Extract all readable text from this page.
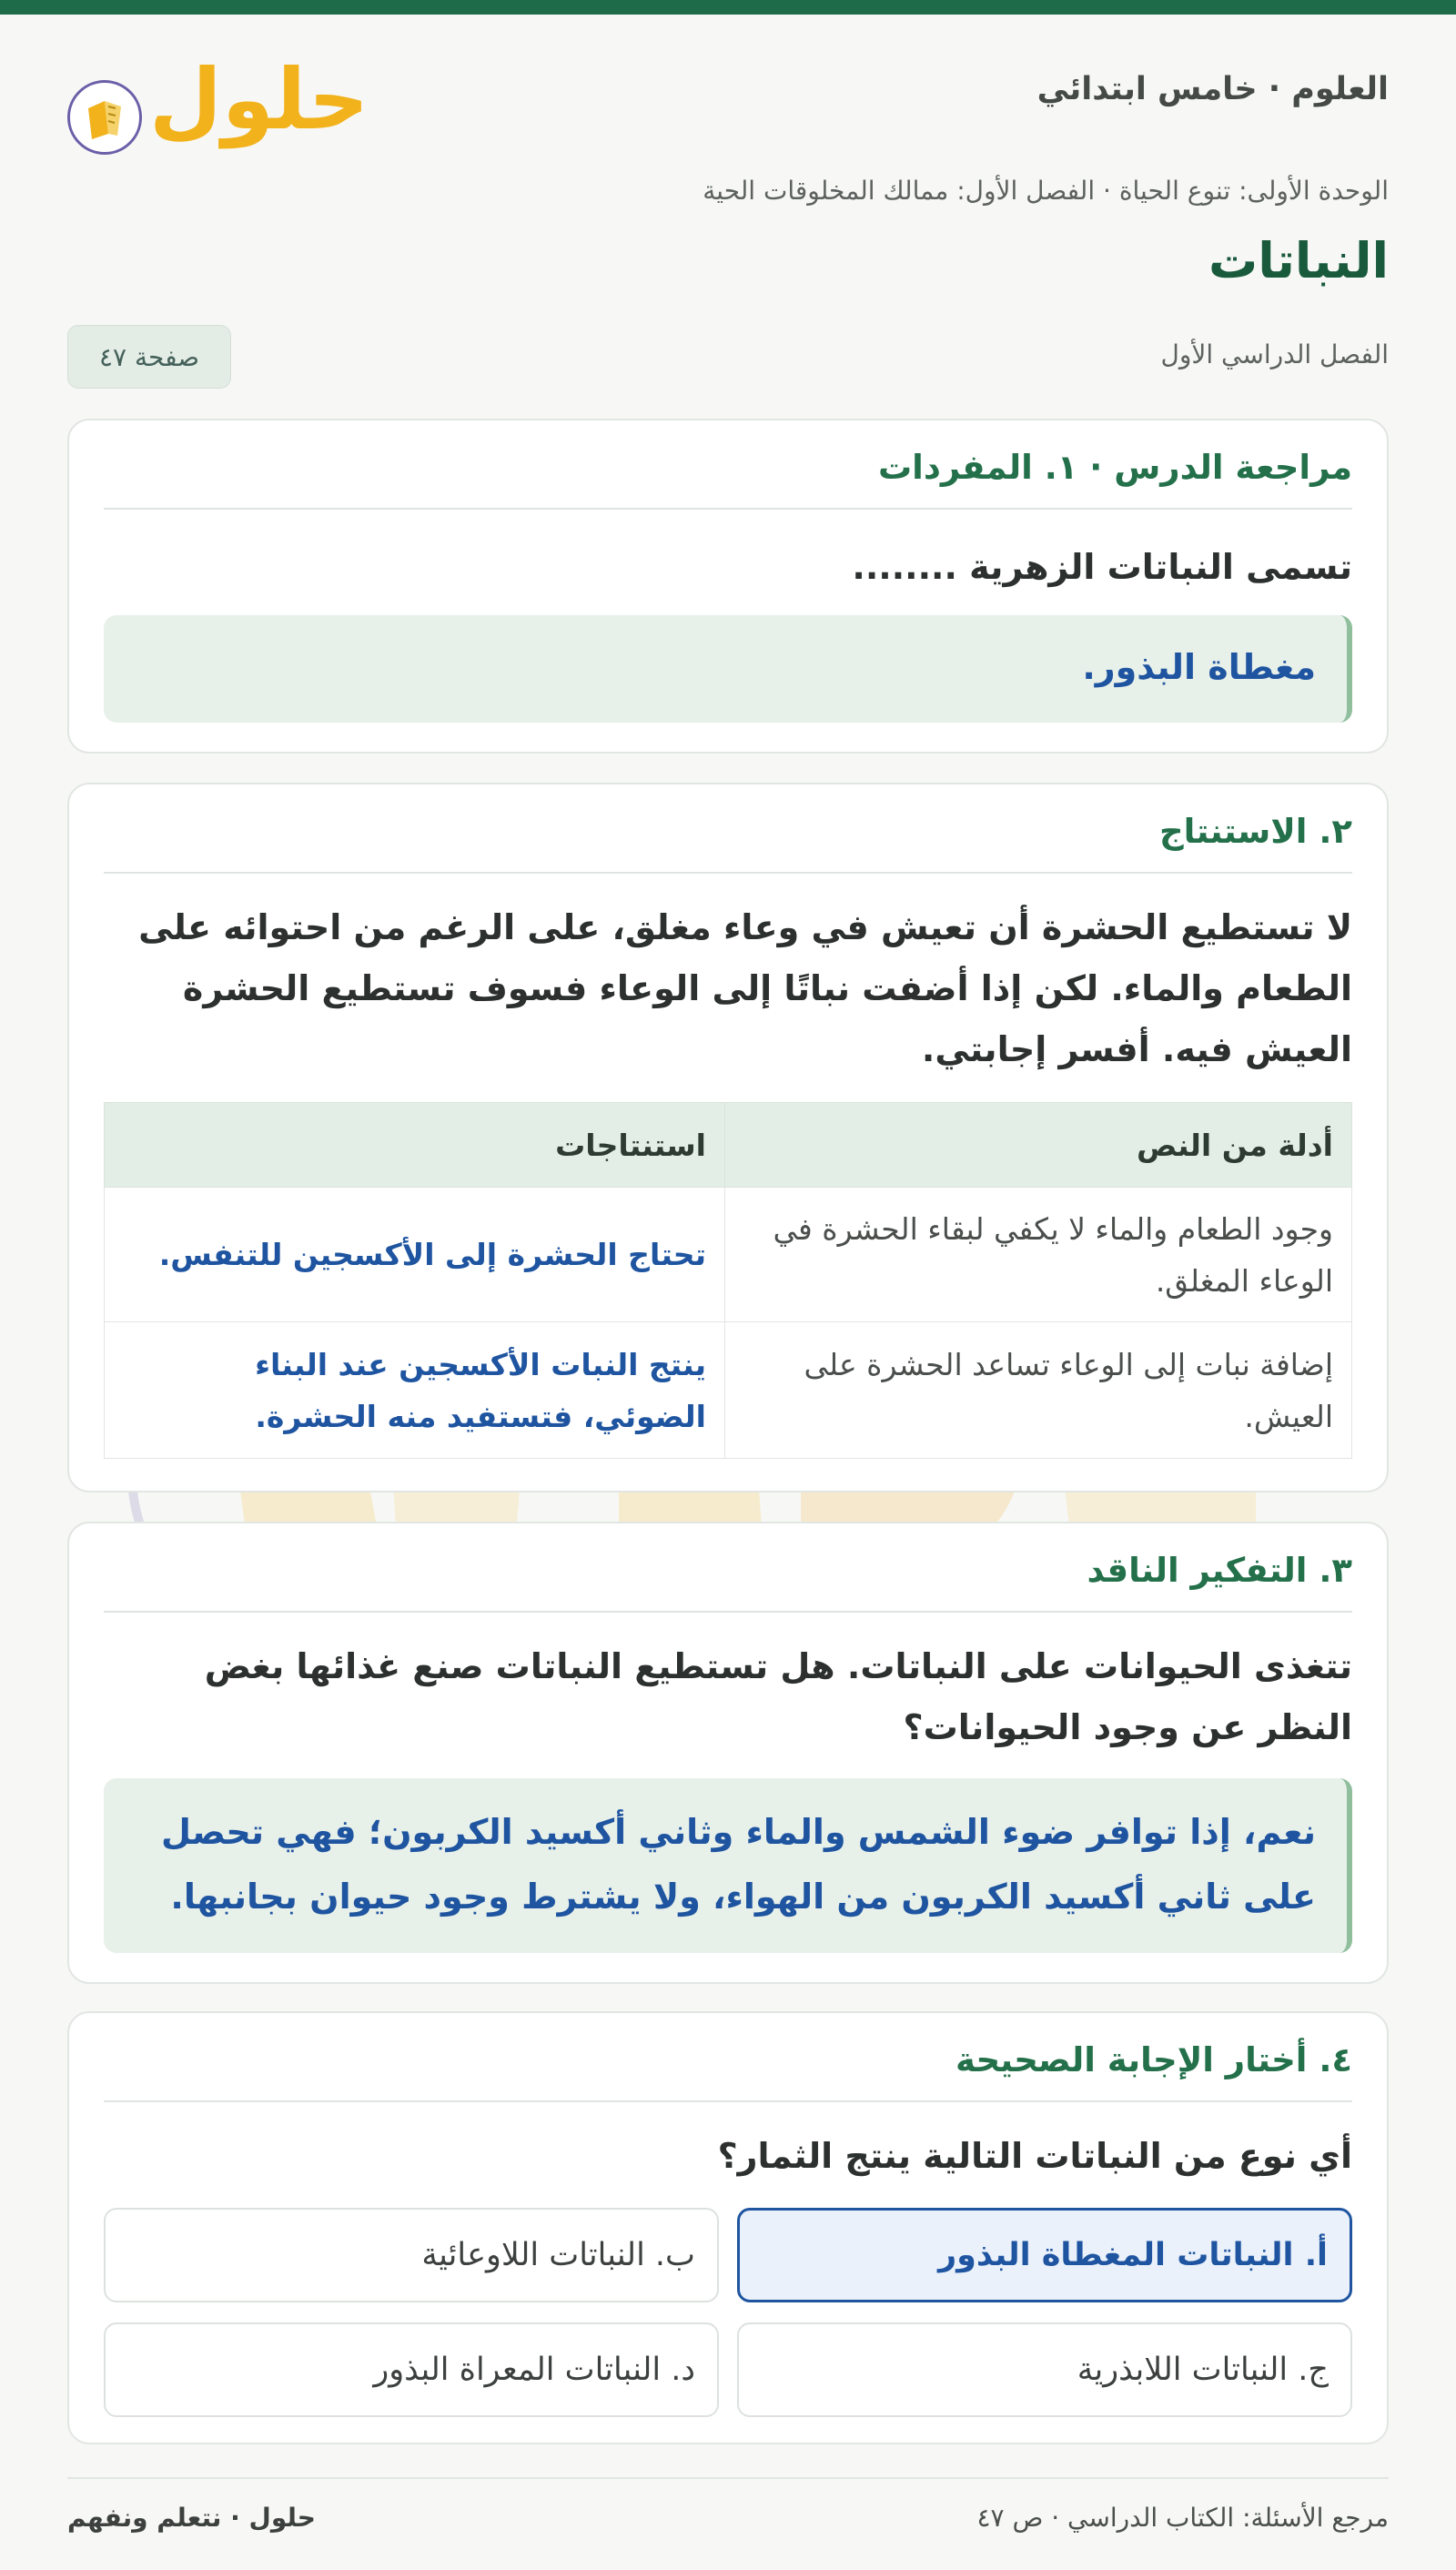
العلوم · خامس ابتدائي
حلول
الوحدة الأولى: تنوع الحياة · الفصل الأول: ممالك المخلوقات الحية
النباتات
الفصل الدراسي الأول
صفحة ٤٧
مراجعة الدرس · ١. المفردات
تسمى النباتات الزهرية ........
مغطاة البذور.
٢. الاستنتاج
لا تستطيع الحشرة أن تعيش في وعاء مغلق، على الرغم من احتوائه على الطعام والماء. لكن إذا أضفت نباتًا إلى الوعاء فسوف تستطيع الحشرة العيش فيه. أفسر إجابتي.
أدلة من النص	استنتاجات
وجود الطعام والماء لا يكفي لبقاء الحشرة في الوعاء المغلق.	تحتاج الحشرة إلى الأكسجين للتنفس.
إضافة نبات إلى الوعاء تساعد الحشرة على العيش.	ينتج النبات الأكسجين عند البناء الضوئي، فتستفيد منه الحشرة.
٣. التفكير الناقد
تتغذى الحيوانات على النباتات. هل تستطيع النباتات صنع غذائها بغض النظر عن وجود الحيوانات؟
نعم، إذا توافر ضوء الشمس والماء وثاني أكسيد الكربون؛ فهي تحصل على ثاني أكسيد الكربون من الهواء، ولا يشترط وجود حيوان بجانبها.
٤. أختار الإجابة الصحيحة
أي نوع من النباتات التالية ينتج الثمار؟
أ. النباتات المغطاة البذور
ب. النباتات اللاوعائية
ج. النباتات اللابذرية
د. النباتات المعراة البذور
مرجع الأسئلة: الكتاب الدراسي · ص ٤٧
حلول · نتعلم ونفهم
